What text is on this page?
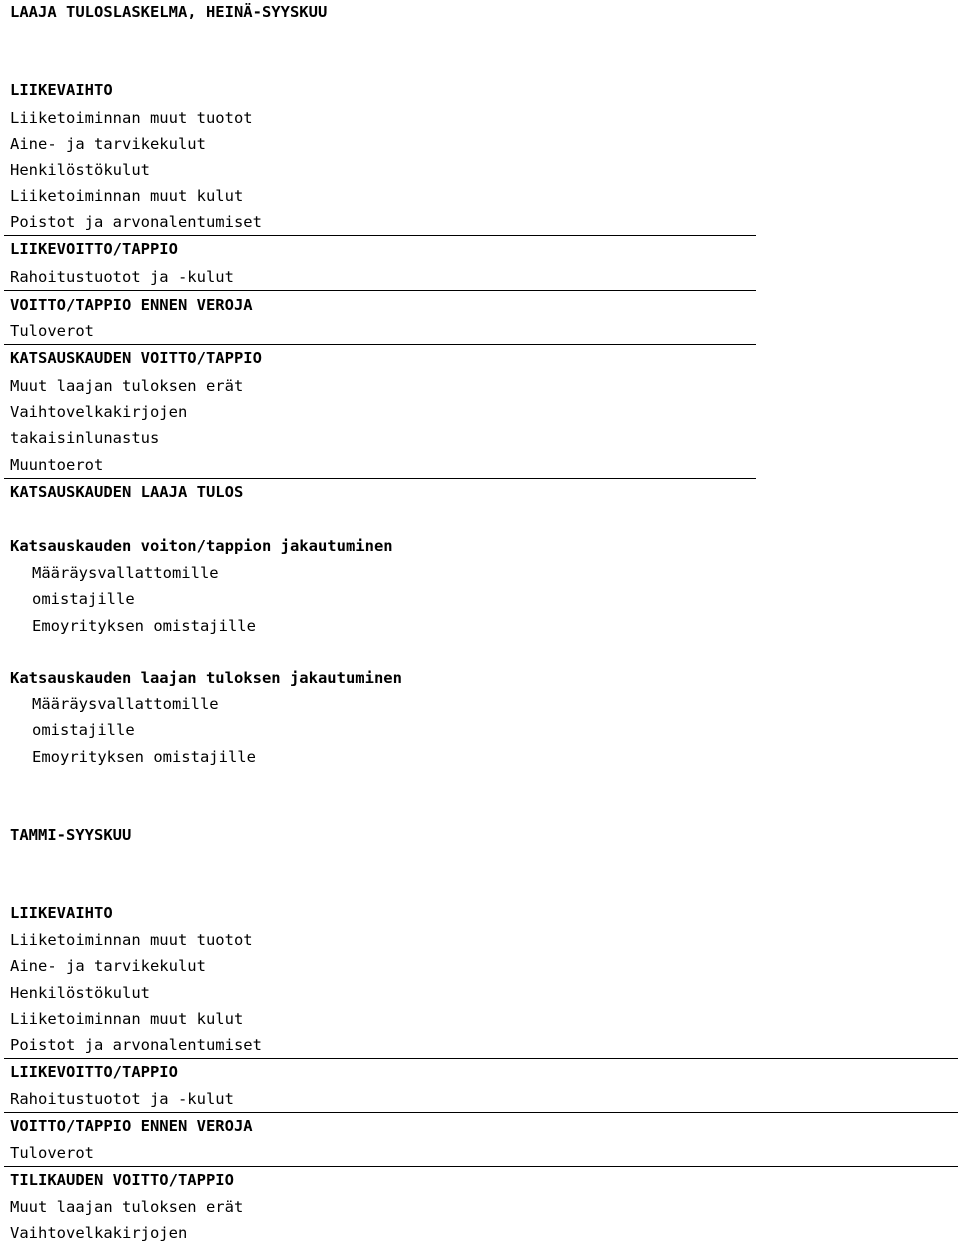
LAAJA TULOSLASKELMA, HEINÄ-SYYSKUU
LIIKEVAIHTO
Liiketoiminnan muut tuotot
Aine- ja tarvikekulut
Henkilöstökulut
Liiketoiminnan muut kulut
Poistot ja arvonalentumiset
LIIKEVOITTO/TAPPIO
Rahoitustuotot ja -kulut
VOITTO/TAPPIO ENNEN VEROJA
Tuloverot
KATSAUSKAUDEN VOITTO/TAPPIO
Muut laajan tuloksen erät
Vaihtovelkakirjojen
takaisinlunastus
Muuntoerot
KATSAUSKAUDEN LAAJA TULOS
Katsauskauden voiton/tappion jakautuminen
Määräysvallattomille
omistajille
Emoyrityksen omistajille
Katsauskauden laajan tuloksen jakautuminen
Määräysvallattomille
omistajille
Emoyrityksen omistajille
TAMMI-SYYSKUU
LIIKEVAIHTO
Liiketoiminnan muut tuotot
Aine- ja tarvikekulut
Henkilöstökulut
Liiketoiminnan muut kulut
Poistot ja arvonalentumiset
LIIKEVOITTO/TAPPIO
Rahoitustuotot ja -kulut
VOITTO/TAPPIO ENNEN VEROJA
Tuloverot
TILIKAUDEN VOITTO/TAPPIO
Muut laajan tuloksen erät
Vaihtovelkakirjojen
